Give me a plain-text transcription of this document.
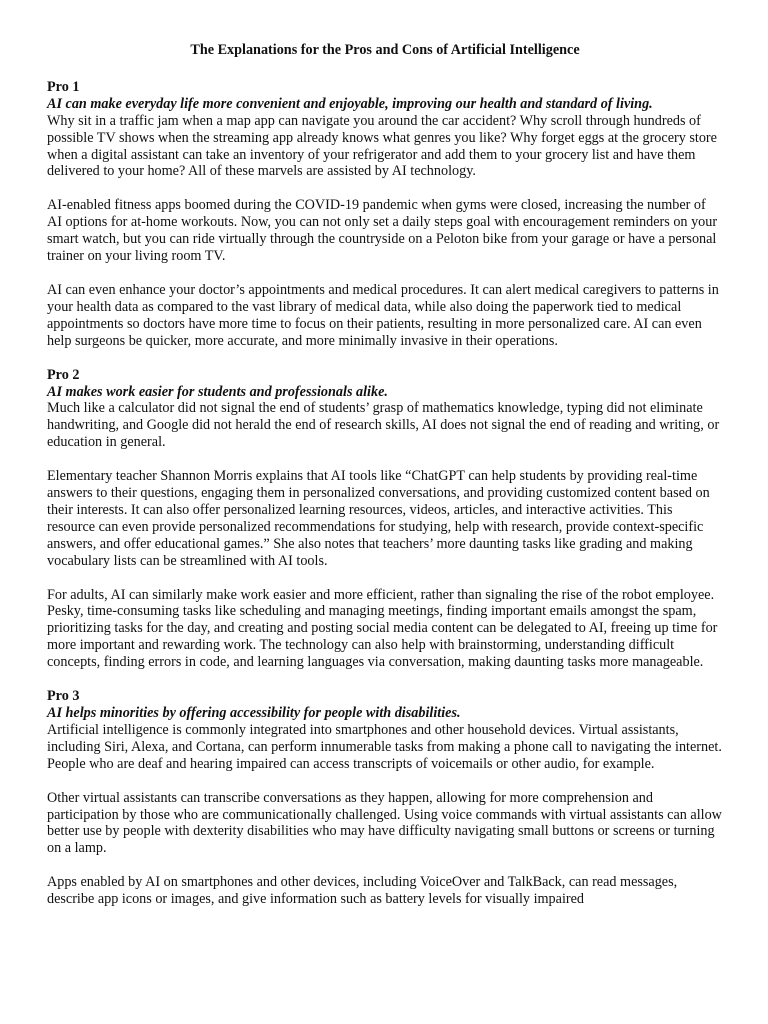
The Explanations for the Pros and Cons of Artificial Intelligence
Pro 1
AI can make everyday life more convenient and enjoyable, improving our health and standard of living.

Why sit in a traffic jam when a map app can navigate you around the car accident? Why scroll through hundreds of possible TV shows when the streaming app already knows what genres you like? Why forget eggs at the grocery store when a digital assistant can take an inventory of your refrigerator and add them to your grocery list and have them delivered to your home? All of these marvels are assisted by AI technology.

AI-enabled fitness apps boomed during the COVID-19 pandemic when gyms were closed, increasing the number of AI options for at-home workouts. Now, you can not only set a daily steps goal with encouragement reminders on your smart watch, but you can ride virtually through the countryside on a Peloton bike from your garage or have a personal trainer on your living room TV.

AI can even enhance your doctor’s appointments and medical procedures. It can alert medical caregivers to patterns in your health data as compared to the vast library of medical data, while also doing the paperwork tied to medical appointments so doctors have more time to focus on their patients, resulting in more personalized care. AI can even help surgeons be quicker, more accurate, and more minimally invasive in their operations.

Pro 2
AI makes work easier for students and professionals alike.

Much like a calculator did not signal the end of students’ grasp of mathematics knowledge, typing did not eliminate handwriting, and Google did not herald the end of research skills, AI does not signal the end of reading and writing, or education in general.

Elementary teacher Shannon Morris explains that AI tools like “ChatGPT can help students by providing real-time answers to their questions, engaging them in personalized conversations, and providing customized content based on their interests. It can also offer personalized learning resources, videos, articles, and interactive activities. This resource can even provide personalized recommendations for studying, help with research, provide context-specific answers, and offer educational games.” She also notes that teachers’ more daunting tasks like grading and making vocabulary lists can be streamlined with AI tools.

For adults, AI can similarly make work easier and more efficient, rather than signaling the rise of the robot employee. Pesky, time-consuming tasks like scheduling and managing meetings, finding important emails amongst the spam, prioritizing tasks for the day, and creating and posting social media content can be delegated to AI, freeing up time for more important and rewarding work. The technology can also help with brainstorming, understanding difficult concepts, finding errors in code, and learning languages via conversation, making daunting tasks more manageable.

Pro 3
AI helps minorities by offering accessibility for people with disabilities.

Artificial intelligence is commonly integrated into smartphones and other household devices. Virtual assistants, including Siri, Alexa, and Cortana, can perform innumerable tasks from making a phone call to navigating the internet. People who are deaf and hearing impaired can access transcripts of voicemails or other audio, for example.

Other virtual assistants can transcribe conversations as they happen, allowing for more comprehension and participation by those who are communicationally challenged. Using voice commands with virtual assistants can allow better use by people with dexterity disabilities who may have difficulty navigating small buttons or screens or turning on a lamp.

Apps enabled by AI on smartphones and other devices, including VoiceOver and TalkBack, can read messages, describe app icons or images, and give information such as battery levels for visually impaired
